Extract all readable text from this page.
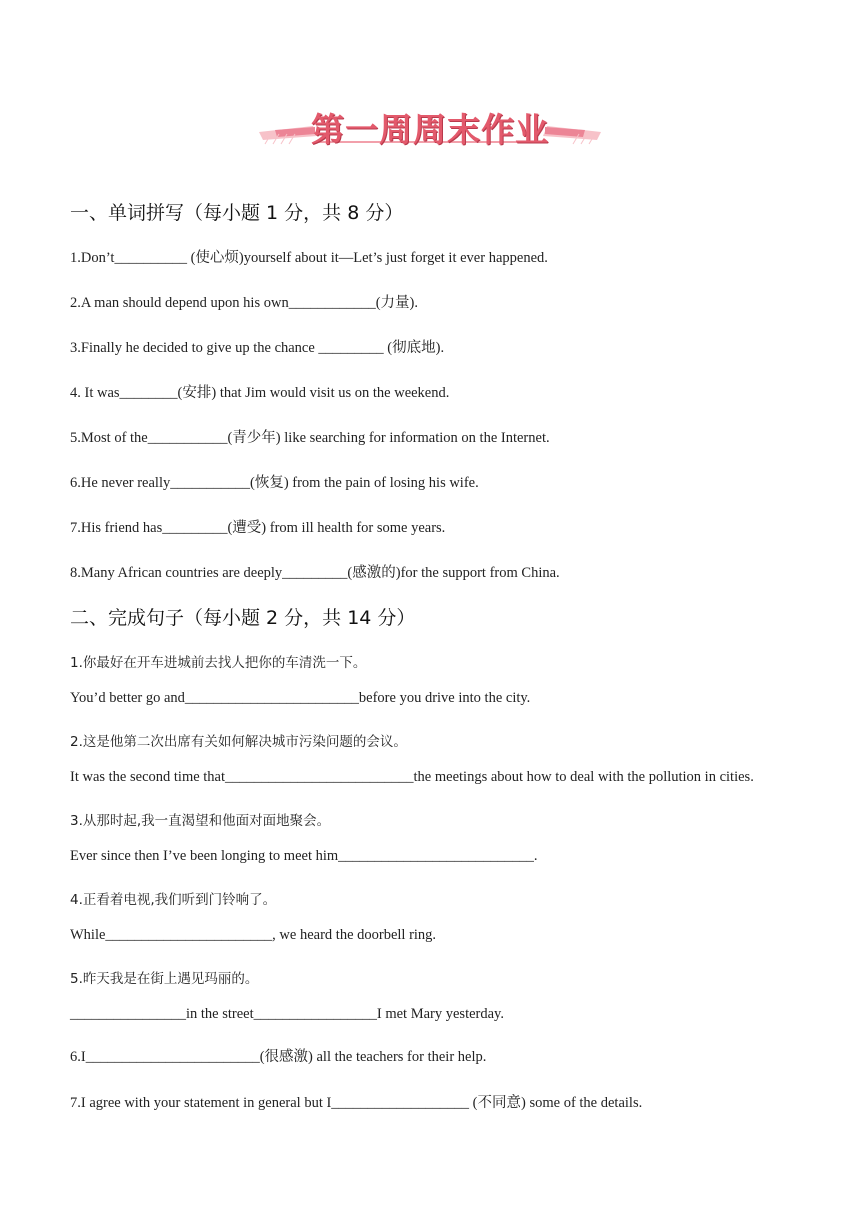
第一周周末作业
一、单词拼写（每小题 1 分，共 8 分）
1.Don’t__________ (使心烦)yourself about it—Let’s just forget it ever happened.
2.A man should depend upon his own____________(力量).
3.Finally he decided to give up the chance _________ (彻底地).
4. It was________(安排) that Jim would visit us on the weekend.
5.Most of the___________(青少年) like searching for information on the Internet.
6.He never really___________(恢复) from the pain of losing his wife.
7.His friend has_________(遭受) from ill health for some years.
8.Many African countries are deeply_________(感激的)for the support from China.
二、完成句子（每小题 2 分，共 14 分）
1.你最好在开车进城前去找人把你的车清洗一下。
You’d better go and________________________before you drive into the city.
2.这是他第二次出席有关如何解决城市污染问题的会议。
It was the second time that__________________________the meetings about how to deal with the pollution in cities.
3.从那时起,我一直渴望和他面对面地聚会。
Ever since then I’ve been longing to meet him___________________________.
4.正看着电视,我们听到门铃响了。
While_______________________, we heard the doorbell ring.
5.昨天我是在街上遇见玛丽的。
________________in the street_________________I met Mary yesterday.
6.I________________________(很感激) all the teachers for their help.
7.I agree with your statement in general but I___________________ (不同意) some of the details.
